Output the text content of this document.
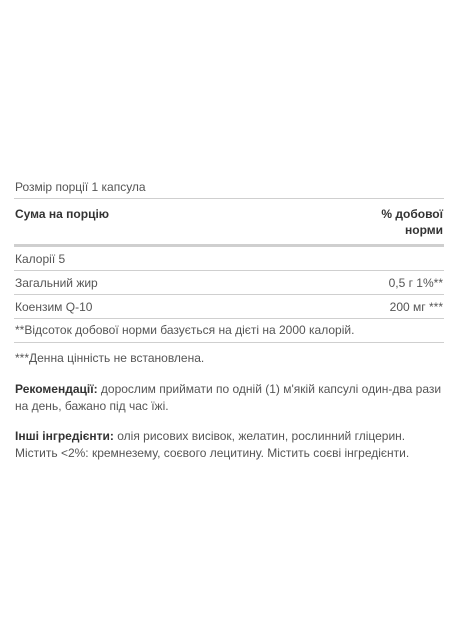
Розмір порції 1 капсула
Сума на порцію	% добової
норми
Калорії 5
Загальний жир	0,5 г 1%**
Коензим Q-10	200 мг ***
**Відсоток добової норми базується на дієті на 2000 калорій.
***Денна цінність не встановлена.
Рекомендації: дорослим приймати по одній (1) м'якій капсулі один-два рази на день, бажано під час їжі.
Інші інгредієнти: олія рисових висівок, желатин, рослинний гліцерин. Містить <2%: кремнезему, соєвого лецитину. Містить соєві інгредієнти.
